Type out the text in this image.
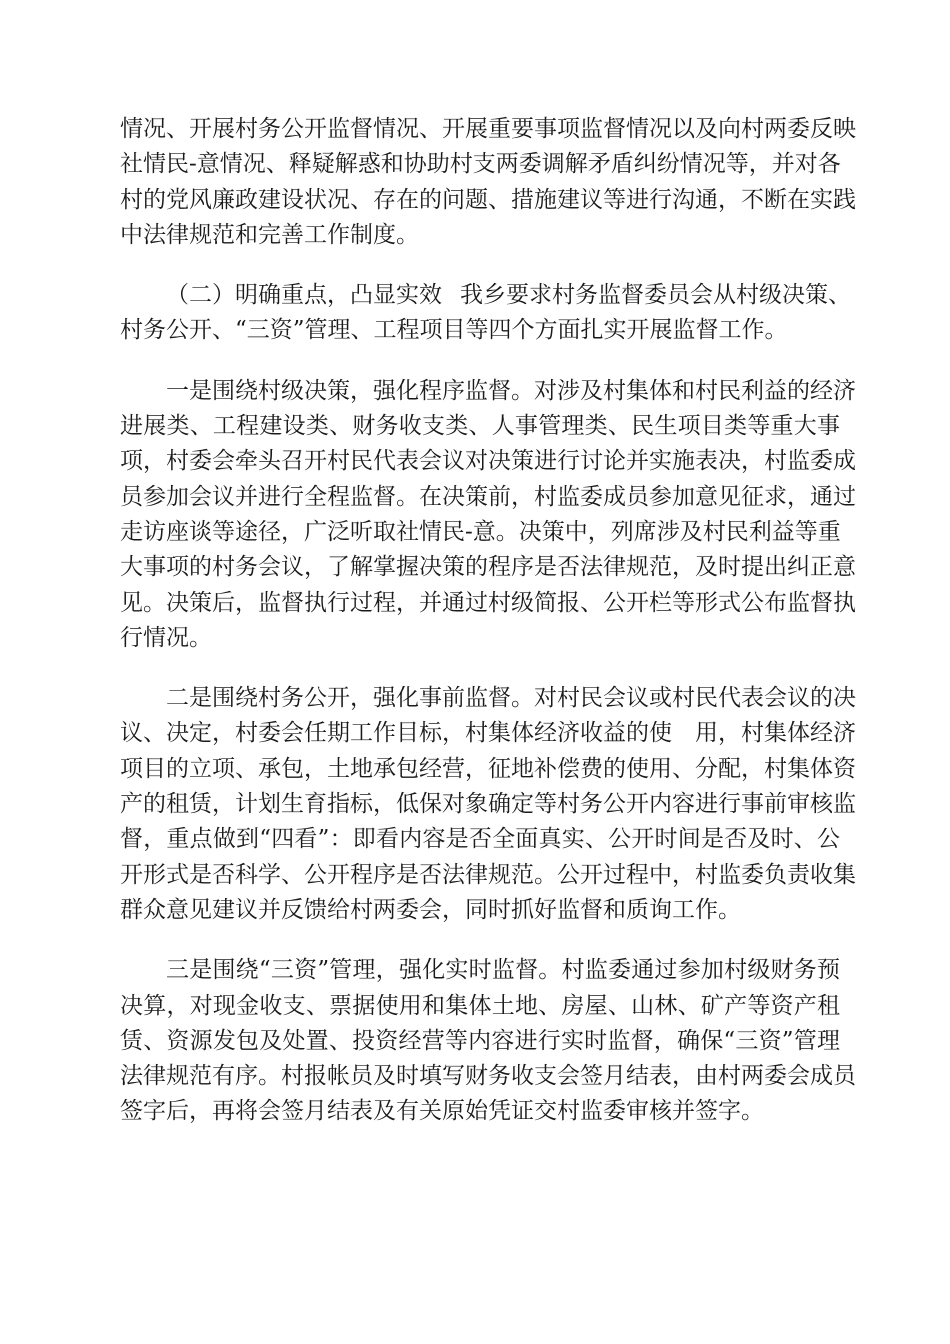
情况、开展村务公开监督情况、开展重要事项监督情况以及向村两委反映
社情民-意情况、释疑解惑和协助村支两委调解矛盾纠纷情况等，并对各
村的党风廉政建设状况、存在的问题、措施建议等进行沟通，不断在实践
中法律规范和完善工作制度。
（二）明确重点，凸显实效 我乡要求村务监督委员会从村级决策、
村务公开、“三资”管理、工程项目等四个方面扎实开展监督工作。
一是围绕村级决策，强化程序监督。对涉及村集体和村民利益的经济
进展类、工程建设类、财务收支类、人事管理类、民生项目类等重大事
项，村委会牵头召开村民代表会议对决策进行讨论并实施表决，村监委成
员参加会议并进行全程监督。在决策前，村监委成员参加意见征求，通过
走访座谈等途径，广泛听取社情民-意。决策中，列席涉及村民利益等重
大事项的村务会议，了解掌握决策的程序是否法律规范，及时提出纠正意
见。决策后，监督执行过程，并通过村级简报、公开栏等形式公布监督执
行情况。
二是围绕村务公开，强化事前监督。对村民会议或村民代表会议的决
议、决定，村委会任期工作目标，村集体经济收益的使　用，村集体经济
项目的立项、承包，土地承包经营，征地补偿费的使用、分配，村集体资
产的租赁，计划生育指标，低保对象确定等村务公开内容进行事前审核监
督，重点做到“四看”：即看内容是否全面真实、公开时间是否及时、公
开形式是否科学、公开程序是否法律规范。公开过程中，村监委负责收集
群众意见建议并反馈给村两委会，同时抓好监督和质询工作。
三是围绕“三资”管理，强化实时监督。村监委通过参加村级财务预
决算，对现金收支、票据使用和集体土地、房屋、山林、矿产等资产租
赁、资源发包及处置、投资经营等内容进行实时监督，确保“三资”管理
法律规范有序。村报帐员及时填写财务收支会签月结表，由村两委会成员
签字后，再将会签月结表及有关原始凭证交村监委审核并签字。
